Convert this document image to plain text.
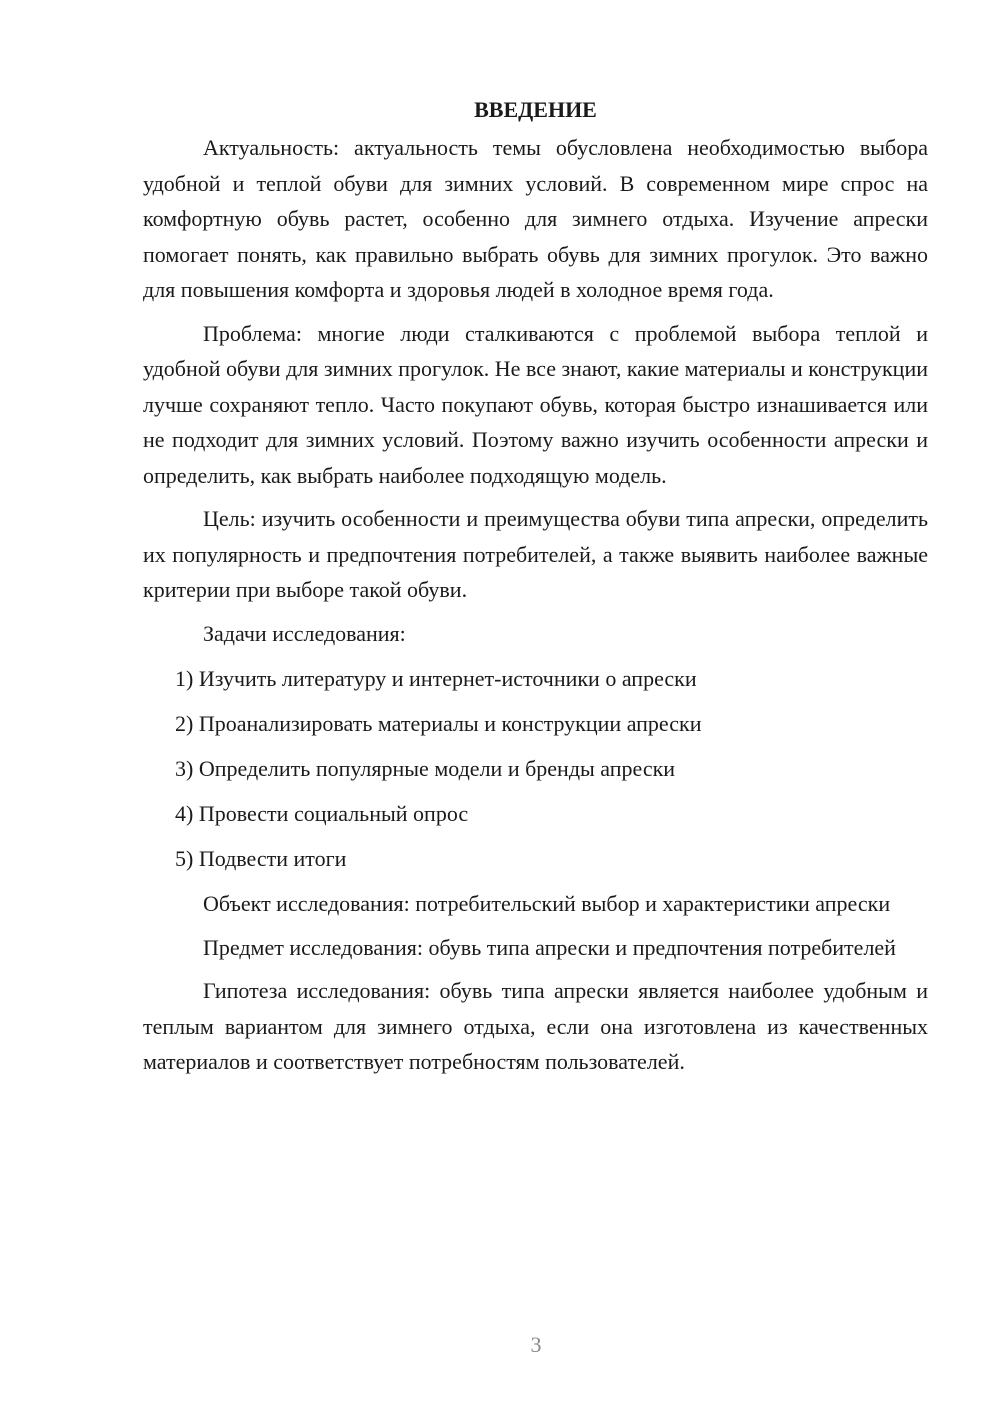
ВВЕДЕНИЕ

Актуальность: актуальность темы обусловлена необходимостью выбора удобной и теплой обуви для зимних условий. В современном мире спрос на комфортную обувь растет, особенно для зимнего отдыха. Изучение апрески помогает понять, как правильно выбрать обувь для зимних прогулок. Это важно для повышения комфорта и здоровья людей в холодное время года.

Проблема: многие люди сталкиваются с проблемой выбора теплой и удобной обуви для зимних прогулок. Не все знают, какие материалы и конструкции лучше сохраняют тепло. Часто покупают обувь, которая быстро изнашивается или не подходит для зимних условий. Поэтому важно изучить особенности апрески и определить, как выбрать наиболее подходящую модель.

Цель: изучить особенности и преимущества обуви типа апрески, определить их популярность и предпочтения потребителей, а также выявить наиболее важные критерии при выборе такой обуви.

Задачи исследования:

1) Изучить литературу и интернет-источники о апрески
2) Проанализировать материалы и конструкции апрески
3) Определить популярные модели и бренды апрески
4) Провести социальный опрос
5) Подвести итоги

Объект исследования: потребительский выбор и характеристики апрески

Предмет исследования: обувь типа апрески и предпочтения потребителей

Гипотеза исследования: обувь типа апрески является наиболее удобным и теплым вариантом для зимнего отдыха, если она изготовлена из качественных материалов и соответствует потребностям пользователей.

3
